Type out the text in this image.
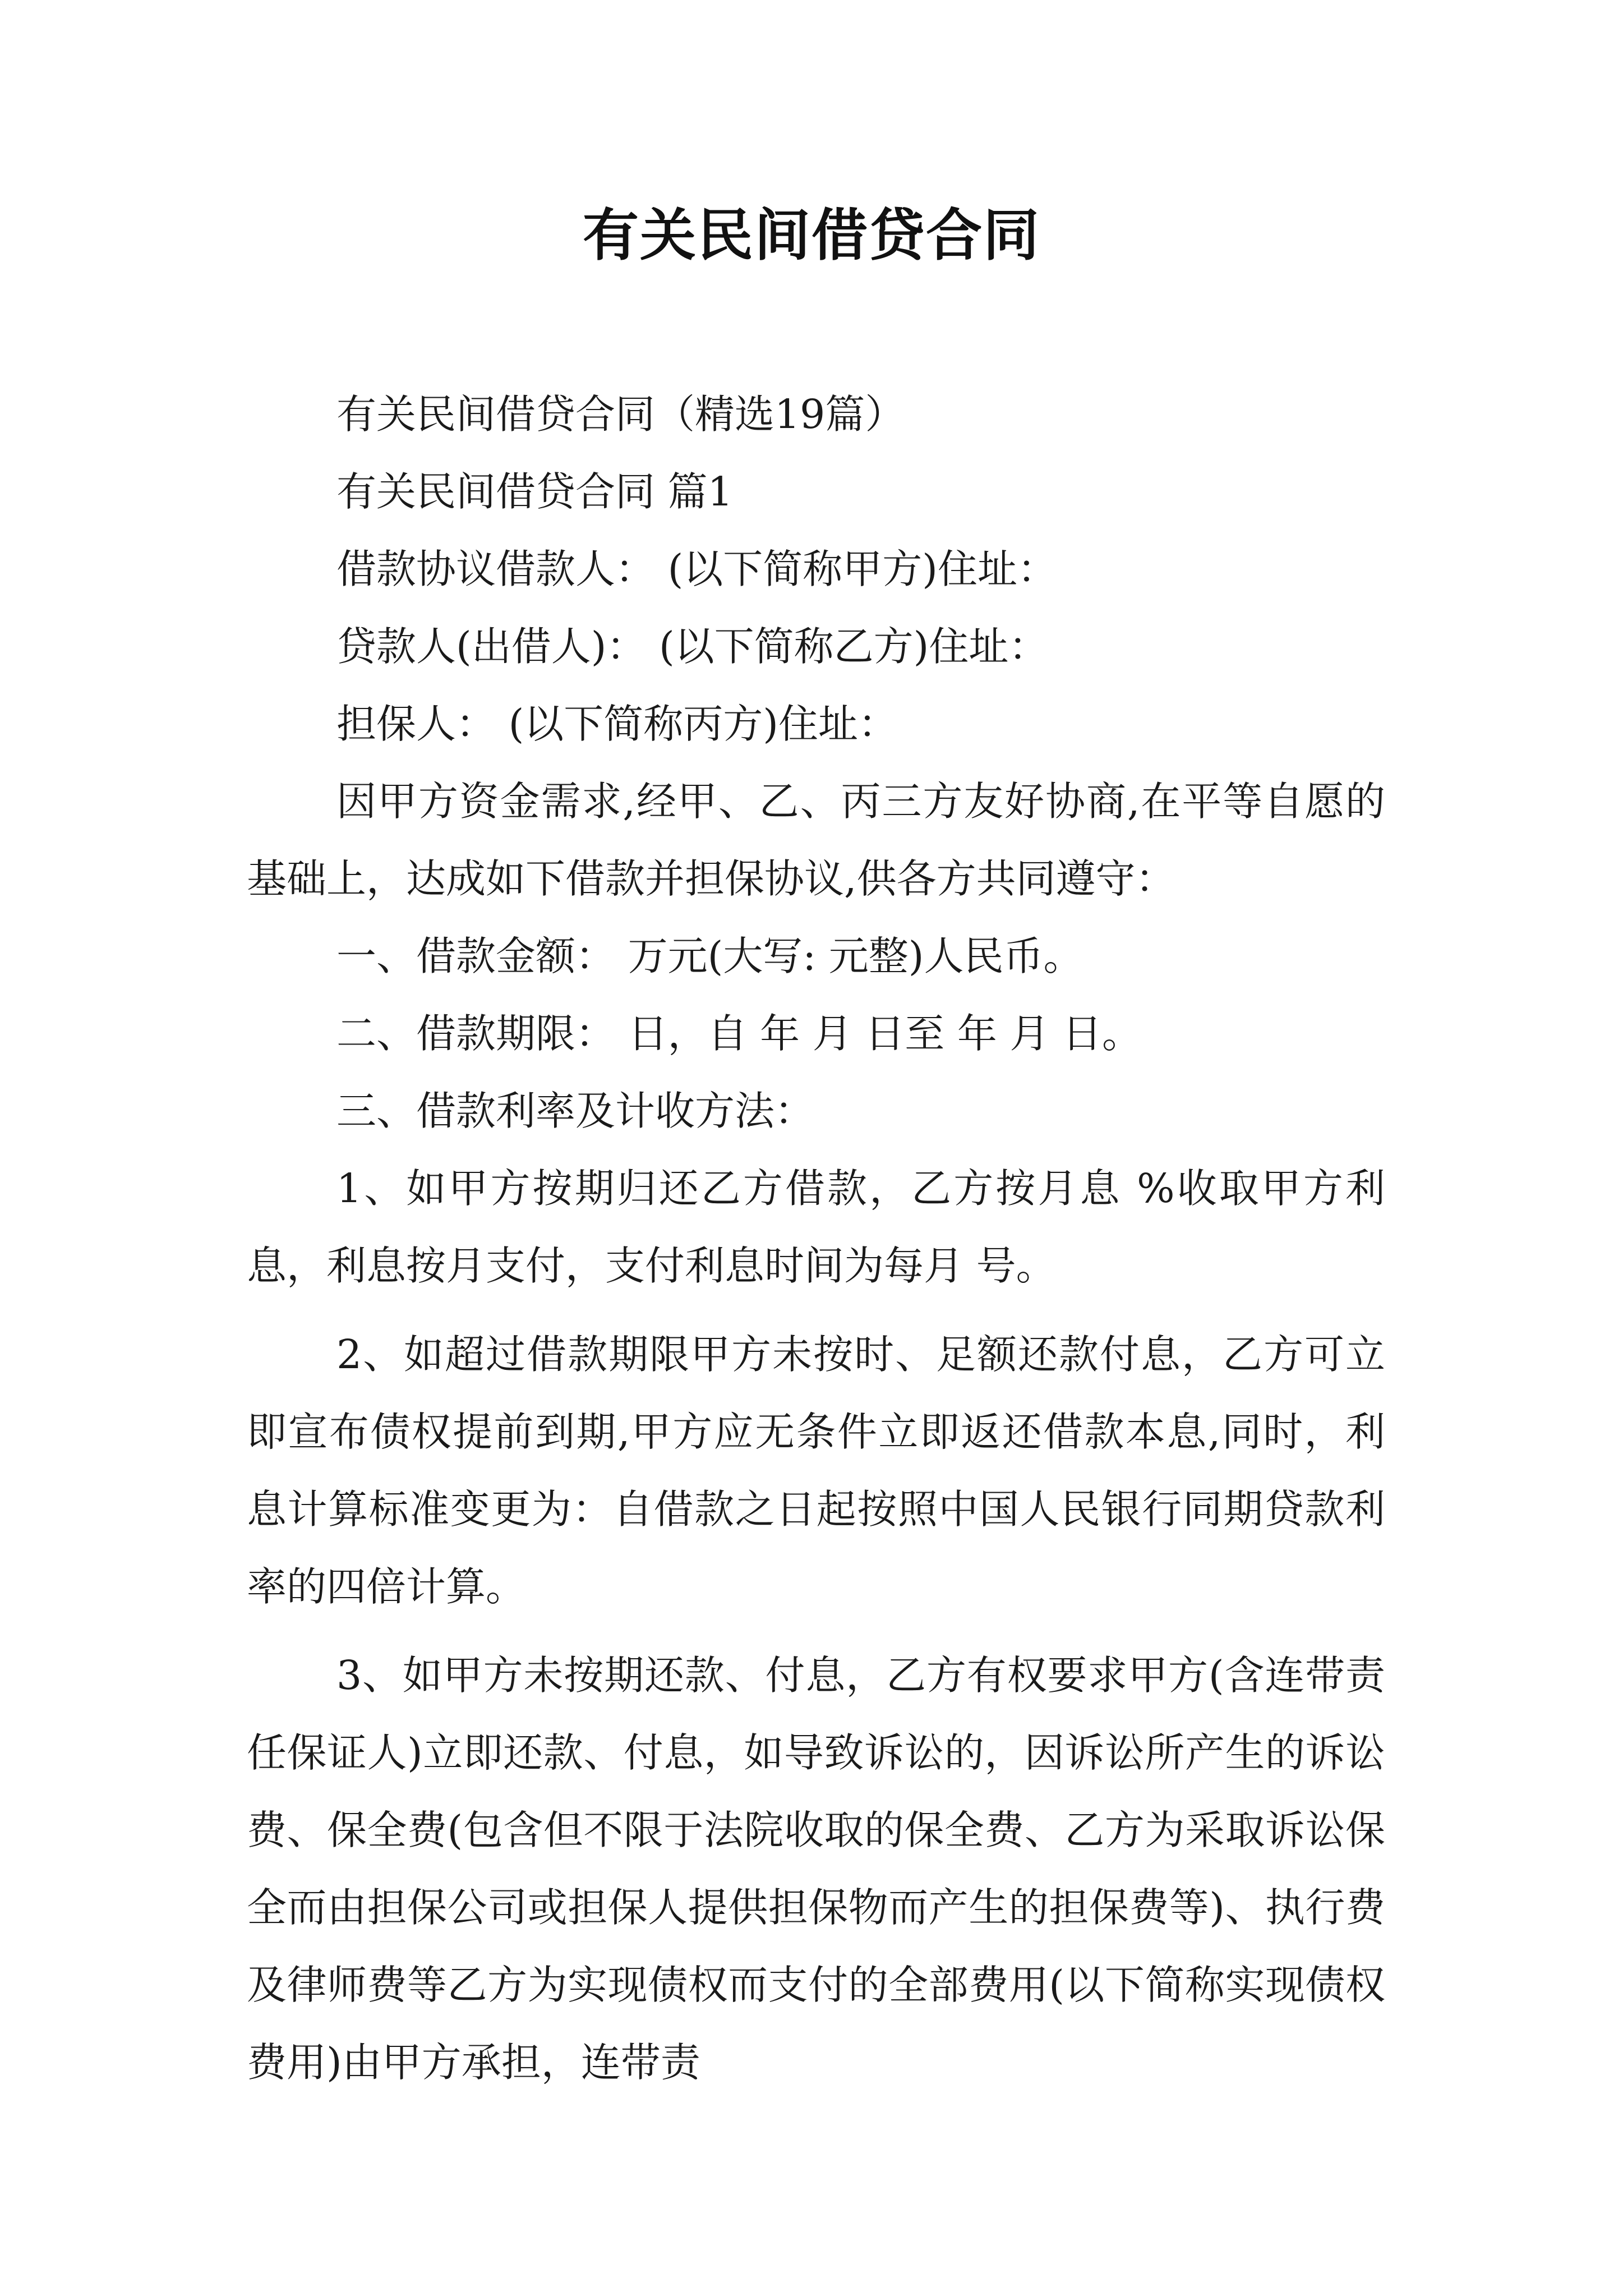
有关民间借贷合同

有关民间借贷合同（精选19篇）

有关民间借贷合同 篇1

借款协议借款人： (以下简称甲方)住址：

贷款人(出借人)： (以下简称乙方)住址：

担保人： (以下简称丙方)住址：

因甲方资金需求,经甲、乙、丙三方友好协商,在平等自愿的基础上，达成如下借款并担保协议,供各方共同遵守：

一、借款金额： 万元(大写: 元整)人民币。

二、借款期限： 日，自 年 月 日至 年 月 日。

三、借款利率及计收方法：

1、如甲方按期归还乙方借款，乙方按月息 %收取甲方利息，利息按月支付，支付利息时间为每月 号。

2、如超过借款期限甲方未按时、足额还款付息，乙方可立即宣布债权提前到期,甲方应无条件立即返还借款本息,同时，利息计算标准变更为：自借款之日起按照中国人民银行同期贷款利率的四倍计算。

3、如甲方未按期还款、付息，乙方有权要求甲方(含连带责任保证人)立即还款、付息，如导致诉讼的，因诉讼所产生的诉讼费、保全费(包含但不限于法院收取的保全费、乙方为采取诉讼保全而由担保公司或担保人提供担保物而产生的担保费等)、执行费及律师费等乙方为实现债权而支付的全部费用(以下简称实现债权费用)由甲方承担，连带责
